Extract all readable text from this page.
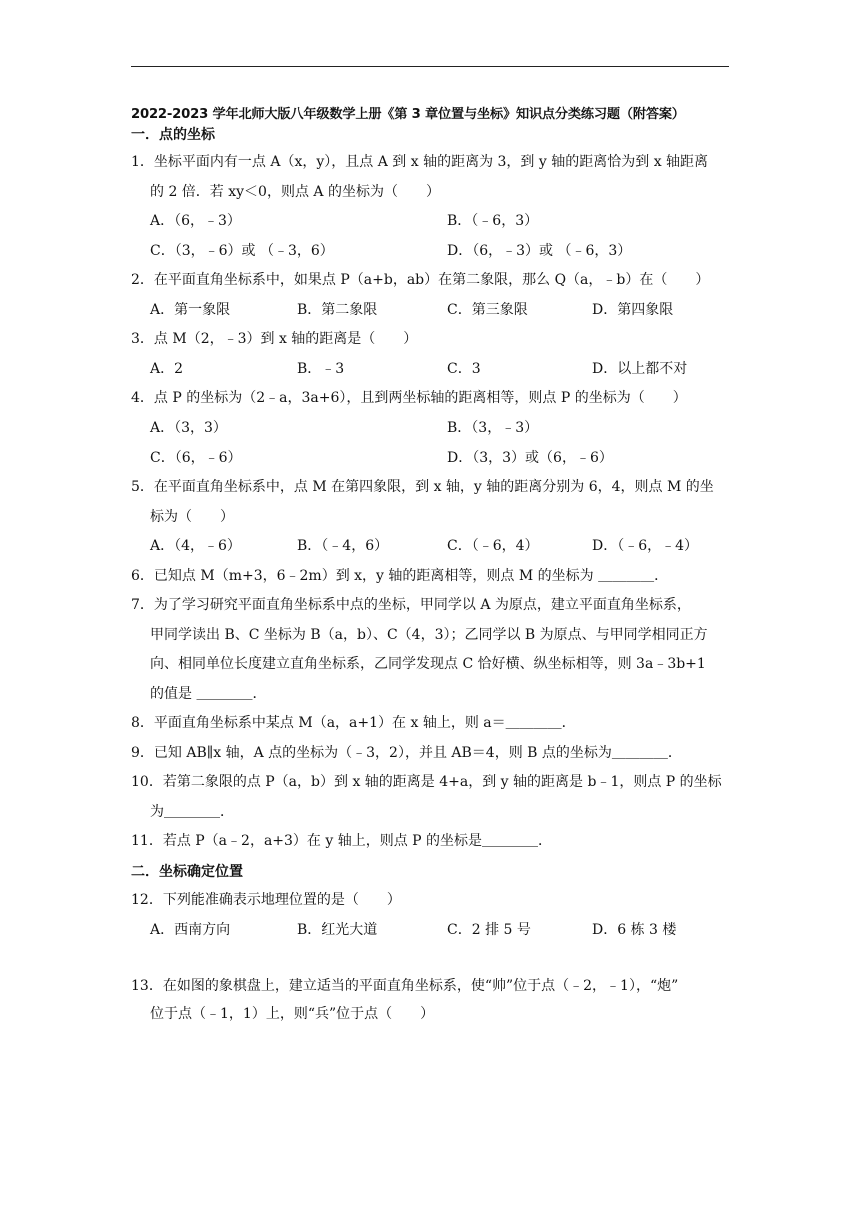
2022-2023 学年北师大版八年级数学上册《第 3 章位置与坐标》知识点分类练习题（附答案）
一．点的坐标
1．坐标平面内有一点 A（x，y），且点 A 到 x 轴的距离为 3，到 y 轴的距离恰为到 x 轴距离
的 2 倍．若 xy＜0，则点 A 的坐标为（　　）
A．（6，﹣3）	B．（﹣6，3）
C．（3，﹣6）或 （﹣3，6）	D．（6，﹣3）或 （﹣6，3）
2．在平面直角坐标系中，如果点 P（a+b，ab）在第二象限，那么 Q（a，﹣b）在（　　）
A．第一象限	B．第二象限	C．第三象限	D．第四象限
3．点 M（2，﹣3）到 x 轴的距离是（　　）
A．2	B．﹣3	C．3	D．以上都不对
4．点 P 的坐标为（2﹣a，3a+6），且到两坐标轴的距离相等，则点 P 的坐标为（　　）
A．（3，3）	B．（3，﹣3）
C．（6，﹣6）	D．（3，3）或（6，﹣6）
5．在平面直角坐标系中，点 M 在第四象限，到 x 轴，y 轴的距离分别为 6，4，则点 M 的坐
标为（　　）
A．（4，﹣6）	B．（﹣4，6）	C．（﹣6，4）	D．（﹣6，﹣4）
6．已知点 M（m+3，6﹣2m）到 x，y 轴的距离相等，则点 M 的坐标为 ＿＿＿＿．
7．为了学习研究平面直角坐标系中点的坐标，甲同学以 A 为原点，建立平面直角坐标系，
甲同学读出 B、C 坐标为 B（a，b）、C（4，3）；乙同学以 B 为原点、与甲同学相同正方
向、相同单位长度建立直角坐标系，乙同学发现点 C 恰好横、纵坐标相等，则 3a﹣3b+1
的值是 ＿＿＿＿．
8．平面直角坐标系中某点 M（a，a+1）在 x 轴上，则 a＝＿＿＿＿．
9．已知 AB∥x 轴，A 点的坐标为（﹣3，2），并且 AB＝4，则 B 点的坐标为＿＿＿＿．
10．若第二象限的点 P（a，b）到 x 轴的距离是 4+a，到 y 轴的距离是 b﹣1，则点 P 的坐标
为＿＿＿＿．
11．若点 P（a﹣2，a+3）在 y 轴上，则点 P 的坐标是＿＿＿＿．
二．坐标确定位置
12．下列能准确表示地理位置的是（　　）
A．西南方向	B．红光大道	C．2 排 5 号	D．6 栋 3 楼
13．在如图的象棋盘上，建立适当的平面直角坐标系，使“帅”位于点（﹣2，﹣1），“炮”
位于点（﹣1，1）上，则“兵”位于点（　　）
